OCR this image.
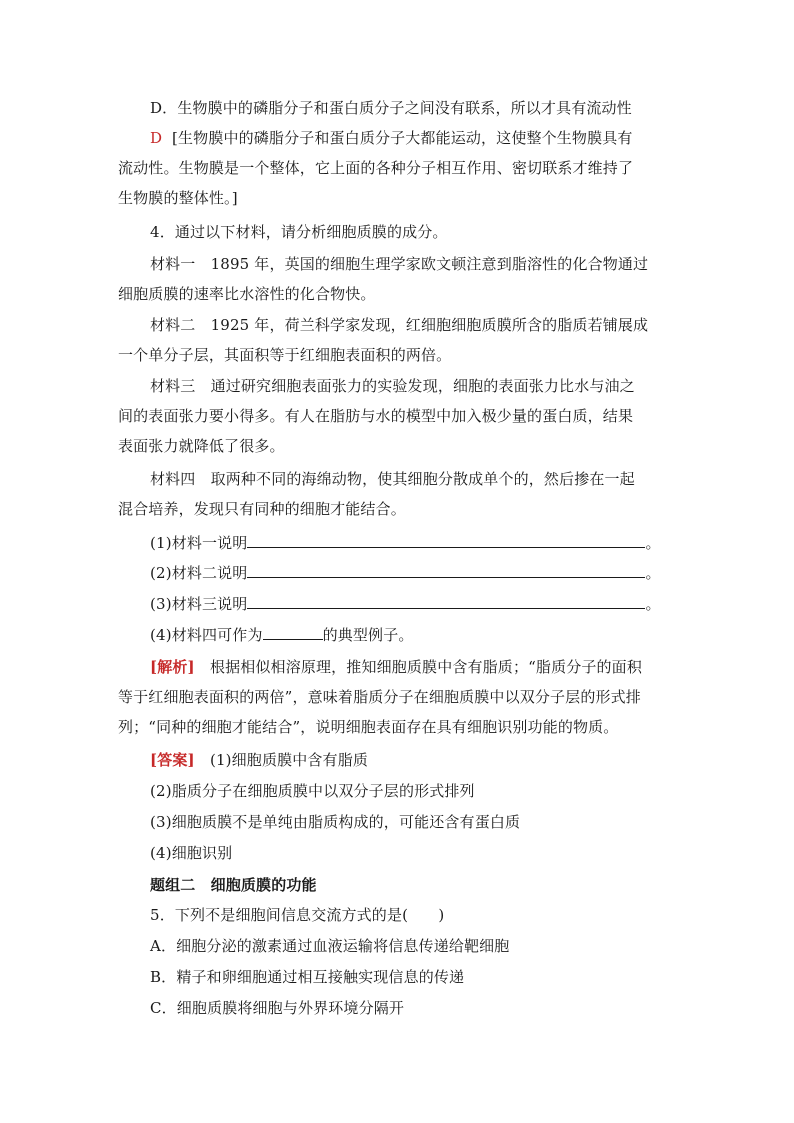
D．生物膜中的磷脂分子和蛋白质分子之间没有联系，所以才具有流动性
D [生物膜中的磷脂分子和蛋白质分子大都能运动，这使整个生物膜具有
流动性。生物膜是一个整体，它上面的各种分子相互作用、密切联系才维持了
生物膜的整体性。]
4．通过以下材料，请分析细胞质膜的成分。
材料一　1895 年，英国的细胞生理学家欧文顿注意到脂溶性的化合物通过
细胞质膜的速率比水溶性的化合物快。
材料二　1925 年，荷兰科学家发现，红细胞细胞质膜所含的脂质若铺展成
一个单分子层，其面积等于红细胞表面积的两倍。
材料三　通过研究细胞表面张力的实验发现，细胞的表面张力比水与油之
间的表面张力要小得多。有人在脂肪与水的模型中加入极少量的蛋白质，结果
表面张力就降低了很多。
材料四　取两种不同的海绵动物，使其细胞分散成单个的，然后掺在一起
混合培养，发现只有同种的细胞才能结合。
(1)材料一说明	。
(2)材料二说明	。
(3)材料三说明	。
(4)材料四可作为	的典型例子。
[解析]　根据相似相溶原理，推知细胞质膜中含有脂质；“脂质分子的面积
等于红细胞表面积的两倍”，意味着脂质分子在细胞质膜中以双分子层的形式排
列；“同种的细胞才能结合”，说明细胞表面存在具有细胞识别功能的物质。
[答案]　(1)细胞质膜中含有脂质
(2)脂质分子在细胞质膜中以双分子层的形式排列
(3)细胞质膜不是单纯由脂质构成的，可能还含有蛋白质
(4)细胞识别
题组二　细胞质膜的功能
5．下列不是细胞间信息交流方式的是(　　)
A．细胞分泌的激素通过血液运输将信息传递给靶细胞
B．精子和卵细胞通过相互接触实现信息的传递
C．细胞质膜将细胞与外界环境分隔开
